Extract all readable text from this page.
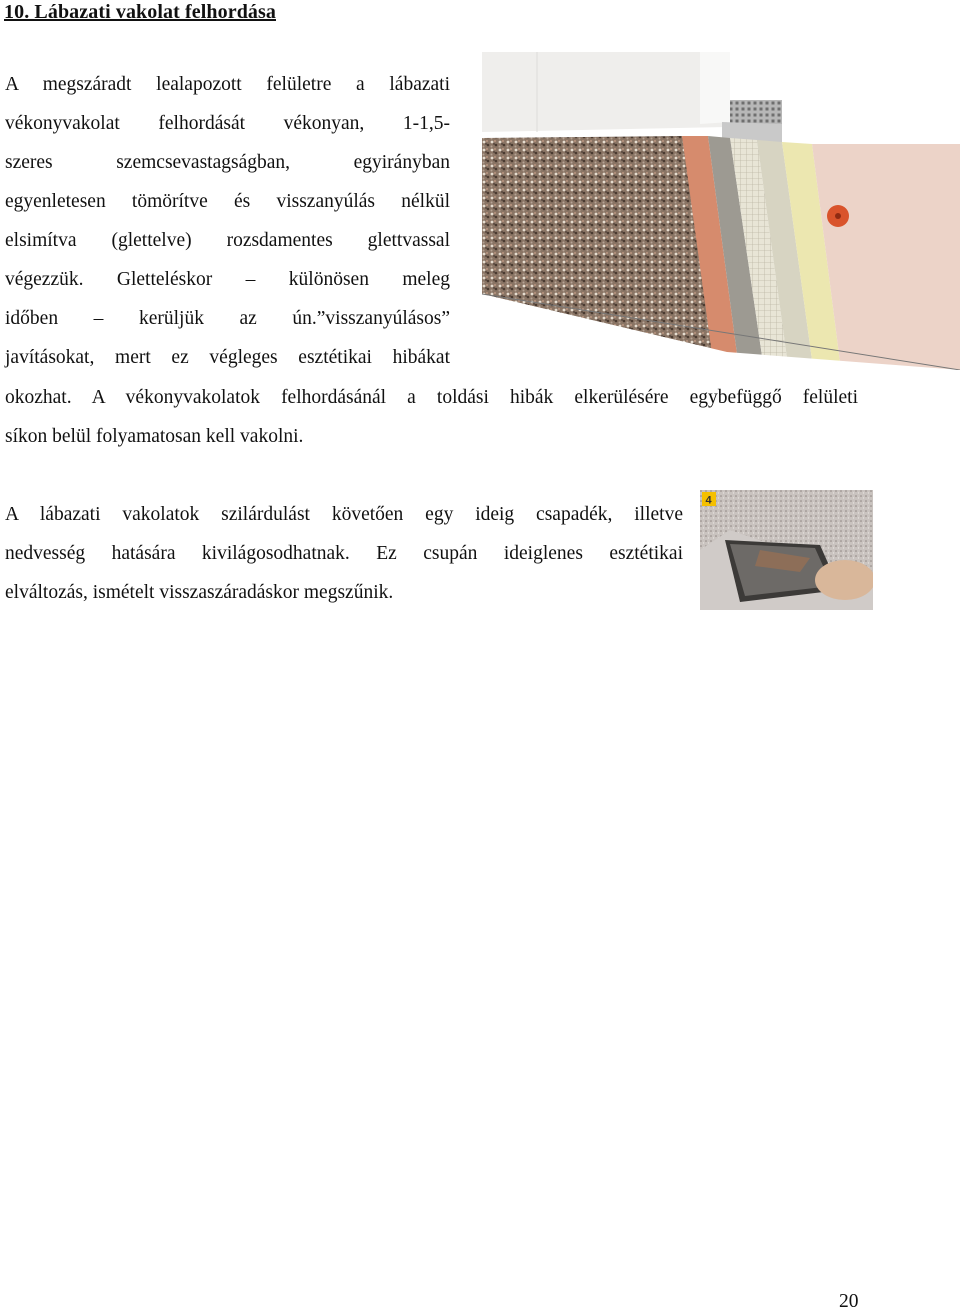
10. Lábazati vakolat felhordása
A megszáradt lealapozott felületre a lábazati
vékonyvakolat felhordását vékonyan, 1-1,5-
szeres szemcsevastagságban, egyirányban
egyenletesen tömörítve és visszanyúlás nélkül
elsimítva (glettelve) rozsdamentes glettvassal
végezzük. Gletteléskor – különösen meleg
időben – kerüljük az ún.”visszanyúlásos”
javításokat, mert ez végleges esztétikai hibákat
okozhat. A vékonyvakolatok felhordásánál a toldási hibák elkerülésére egybefüggő felületi
síkon belül folyamatosan kell vakolni.
A lábazati vakolatok szilárdulást követően egy ideig csapadék, illetve
nedvesség hatására kivilágosodhatnak. Ez csupán ideiglenes esztétikai
elváltozás, ismételt visszaszáradáskor megszűnik.
4
20
